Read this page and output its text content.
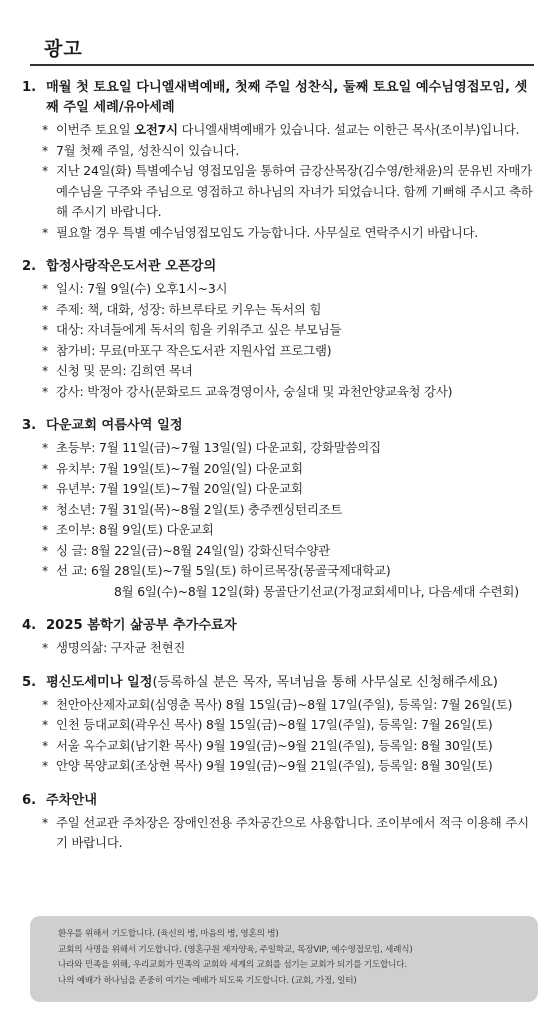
광고
1. 매월 첫 토요일 다니엘새벽예배, 첫째 주일 성찬식, 둘째 토요일 예수님영접모임, 셋째 주일 세례/유아세례
* 이번주 토요일 오전7시 다니엘새벽예배가 있습니다. 설교는 이한근 목사(조이부)입니다.
* 7월 첫째 주일, 성찬식이 있습니다.
* 지난 24일(화) 특별예수님 영접모임을 통하여 금강산목장(김수영/한채윤)의 문유빈 자매가 예수님을 구주와 주님으로 영접하고 하나님의 자녀가 되었습니다. 함께 기뻐해 주시고 축하해 주시기 바랍니다.
* 필요할 경우 특별 예수님영접모임도 가능합니다. 사무실로 연락주시기 바랍니다.
2. 합정사랑작은도서관 오픈강의
* 일시: 7월 9일(수) 오후1시~3시
* 주제: 책, 대화, 성장: 하브루타로 키우는 독서의 힘
* 대상: 자녀들에게 독서의 힘을 키워주고 싶은 부모님들
* 참가비: 무료(마포구 작은도서관 지원사업 프로그램)
* 신청 및 문의: 김희연 목녀
* 강사: 박정아 강사(문화로드 교육경영이사, 숭실대 및 과천안양교육청 강사)
3. 다운교회 여름사역 일정
* 초등부: 7월 11일(금)~7월 13일(일) 다운교회, 강화말씀의집
* 유치부: 7월 19일(토)~7월 20일(일) 다운교회
* 유년부: 7월 19일(토)~7월 20일(일) 다운교회
* 청소년: 7월 31일(목)~8월 2일(토) 충주켄싱턴리조트
* 조이부: 8월 9일(토) 다운교회
* 싱 글: 8월 22일(금)~8월 24일(일) 강화신덕수양관
* 선 교: 6월 28일(토)~7월 5일(토) 하이르목장(몽골국제대학교)
8월 6일(수)~8월 12일(화) 몽골단기선교(가정교회세미나, 다음세대 수련회)
4. 2025 봄학기 삶공부 추가수료자
* 생명의삶: 구자균 천현진
5. 평신도세미나 일정(등록하실 분은 목자, 목녀님을 통해 사무실로 신청해주세요)
* 천안아산제자교회(심영춘 목사) 8월 15일(금)~8월 17일(주일), 등록일: 7월 26일(토)
* 인천 등대교회(곽우신 목사) 8월 15일(금)~8월 17일(주일), 등록일: 7월 26일(토)
* 서울 옥수교회(남기환 목사) 9월 19일(금)~9월 21일(주일), 등록일: 8월 30일(토)
* 안양 목양교회(조상현 목사) 9월 19일(금)~9월 21일(주일), 등록일: 8월 30일(토)
6. 주차안내
* 주일 선교관 주차장은 장애인전용 주차공간으로 사용합니다. 조이부에서 적극 이용해 주시기 바랍니다.
환우를 위해서 기도합니다. (육신의 병, 마음의 병, 영혼의 병)
교회의 사명을 위해서 기도합니다. (영혼구원 제자양육, 주일학교, 목장VIP, 예수영접모임, 세례식)
나라와 민족을 위해, 우리교회가 민족의 교회와 세계의 교회를 섬기는 교회가 되기를 기도합니다.
나의 예배가 하나님을 존중히 여기는 예배가 되도록 기도합니다. (교회, 가정, 일터)
